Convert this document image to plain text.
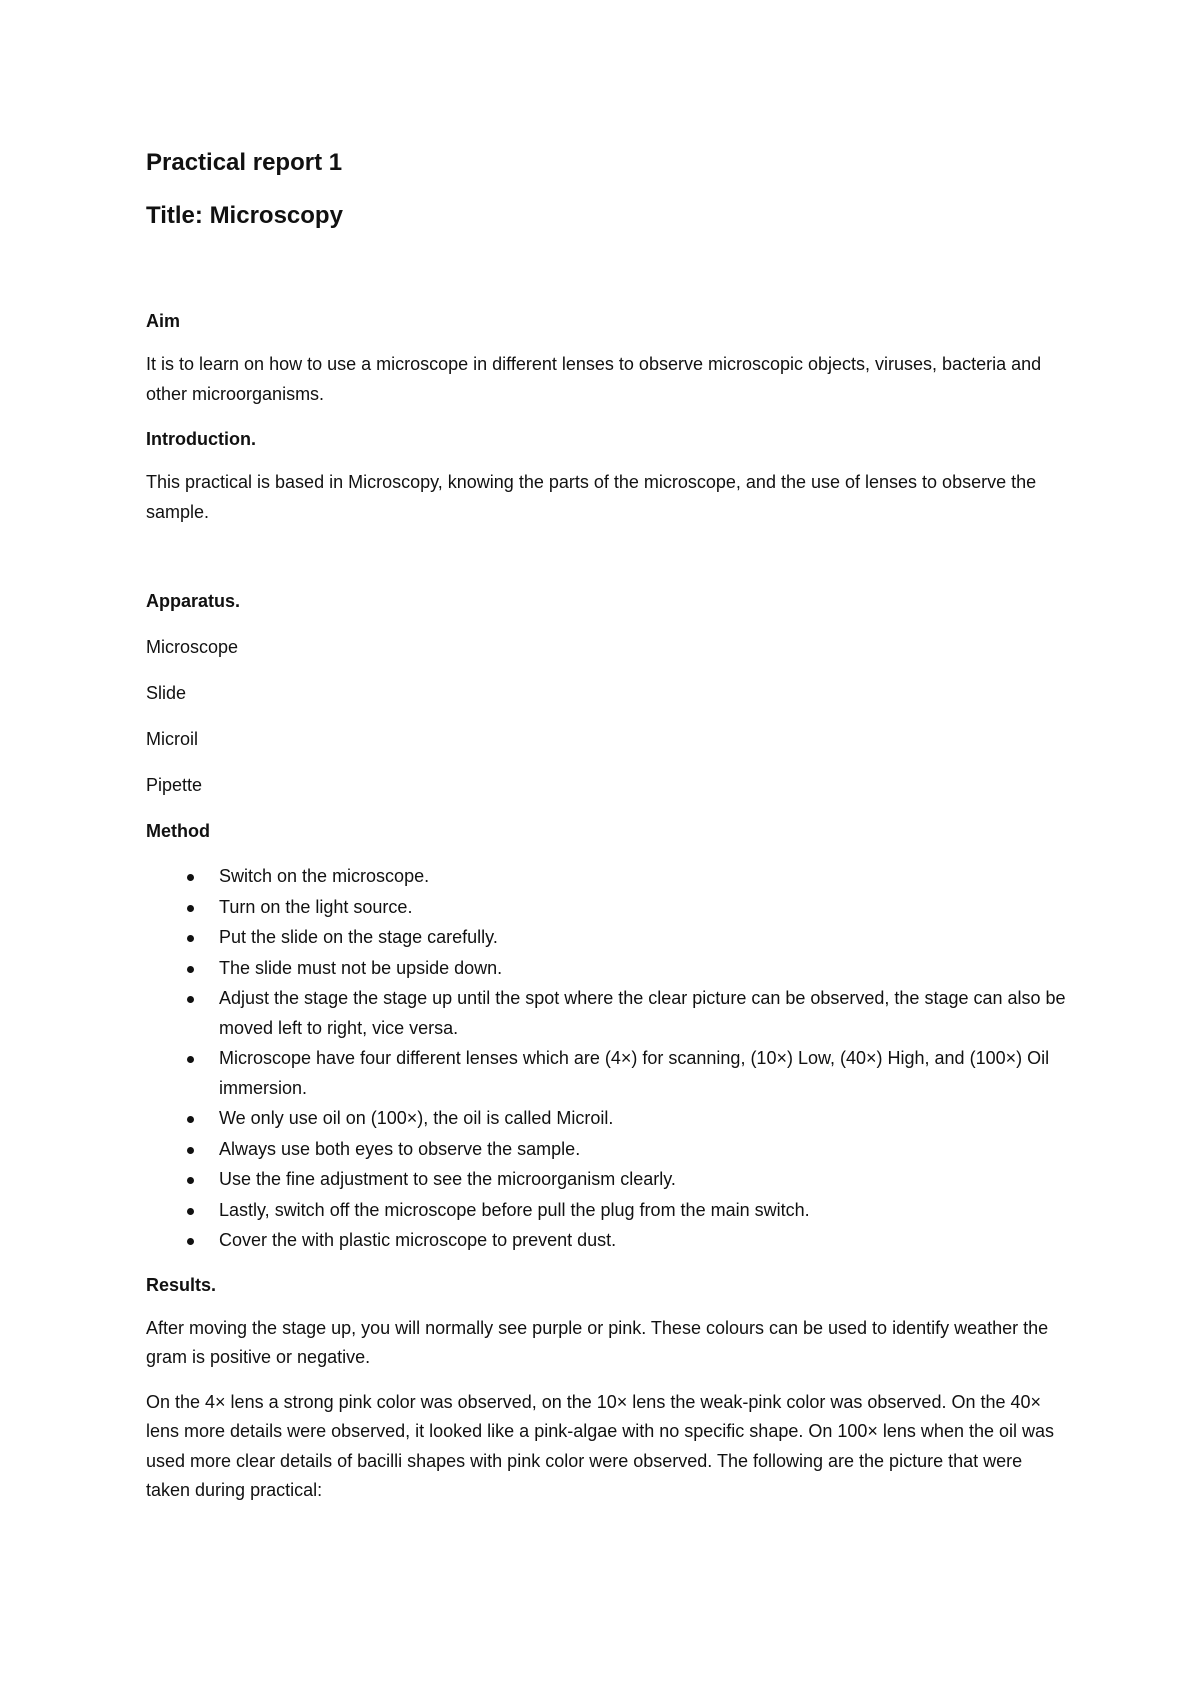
Practical report 1
Title: Microscopy
Aim

It is to learn on how to use a microscope in different lenses to observe microscopic objects, viruses, bacteria and other microorganisms.

Introduction.

This practical is based in Microscopy, knowing the parts of the microscope, and the use of lenses to observe the sample.

Apparatus.
Microscope
Slide
Microil
Pipette
Method
Switch on the microscope.
Turn on the light source.
Put the slide on the stage carefully.
The slide must not be upside down.
Adjust the stage the stage up until the spot where the clear picture can be observed, the stage can also be moved left to right, vice versa.
Microscope have four different lenses which are (4×) for scanning, (10×) Low, (40×) High, and (100×) Oil immersion.
We only use oil on (100×), the oil is called Microil.
Always use both eyes to observe the sample.
Use the fine adjustment to see the microorganism clearly.
Lastly, switch off the microscope before pull the plug from the main switch.
Cover the with plastic microscope to prevent dust.
Results.

After moving the stage up, you will normally see purple or pink. These colours can be used to identify weather the gram is positive or negative.

On the 4× lens a strong pink color was observed, on the 10× lens the weak-pink color was observed. On the 40× lens more details were observed, it looked like a pink-algae with no specific shape. On 100× lens when the oil was used more clear details of bacilli shapes with pink color were observed. The following are the picture that were taken during practical:
